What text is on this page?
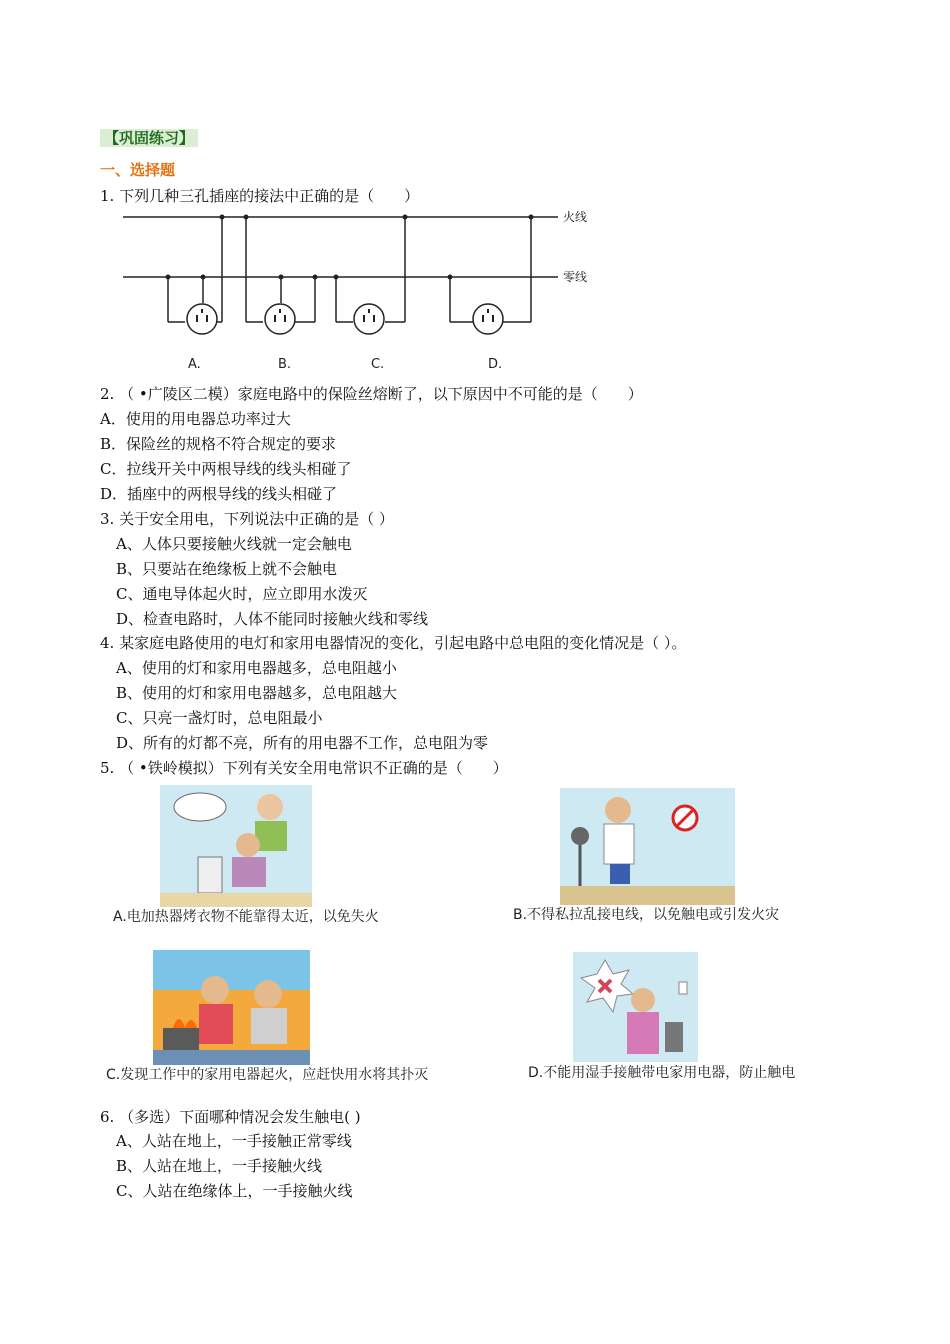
【巩固练习】
一、选择题
1. 下列几种三孔插座的接法中正确的是（　　）
火线
零线
A.	B.	C.	D.
2. （ •广陵区二模）家庭电路中的保险丝熔断了，以下原因中不可能的是（　　）
A．使用的用电器总功率过大
B．保险丝的规格不符合规定的要求
C．拉线开关中两根导线的线头相碰了
D．插座中的两根导线的线头相碰了
3. 关于安全用电，下列说法中正确的是（ ）
A、人体只要接触火线就一定会触电
B、只要站在绝缘板上就不会触电
C、通电导体起火时，应立即用水泼灭
D、检查电路时，人体不能同时接触火线和零线
4. 某家庭电路使用的电灯和家用电器情况的变化，引起电路中总电阻的变化情况是（ ）。
A、使用的灯和家用电器越多，总电阻越小
B、使用的灯和家用电器越多，总电阻越大
C、只亮一盏灯时，总电阻最小
D、所有的灯都不亮，所有的用电器不工作，总电阻为零
5. （ •铁岭模拟）下列有关安全用电常识不正确的是（　　）
A.电加热器烤衣物不能靠得太近，以免失火	B.不得私拉乱接电线，以免触电或引发火灾
C.发现工作中的家用电器起火，应赶快用水将其扑灭	D.不能用湿手接触带电家用电器，防止触电
6. （多选）下面哪种情况会发生触电( )
A、人站在地上，一手接触正常零线
B、人站在地上，一手接触火线
C、人站在绝缘体上，一手接触火线
